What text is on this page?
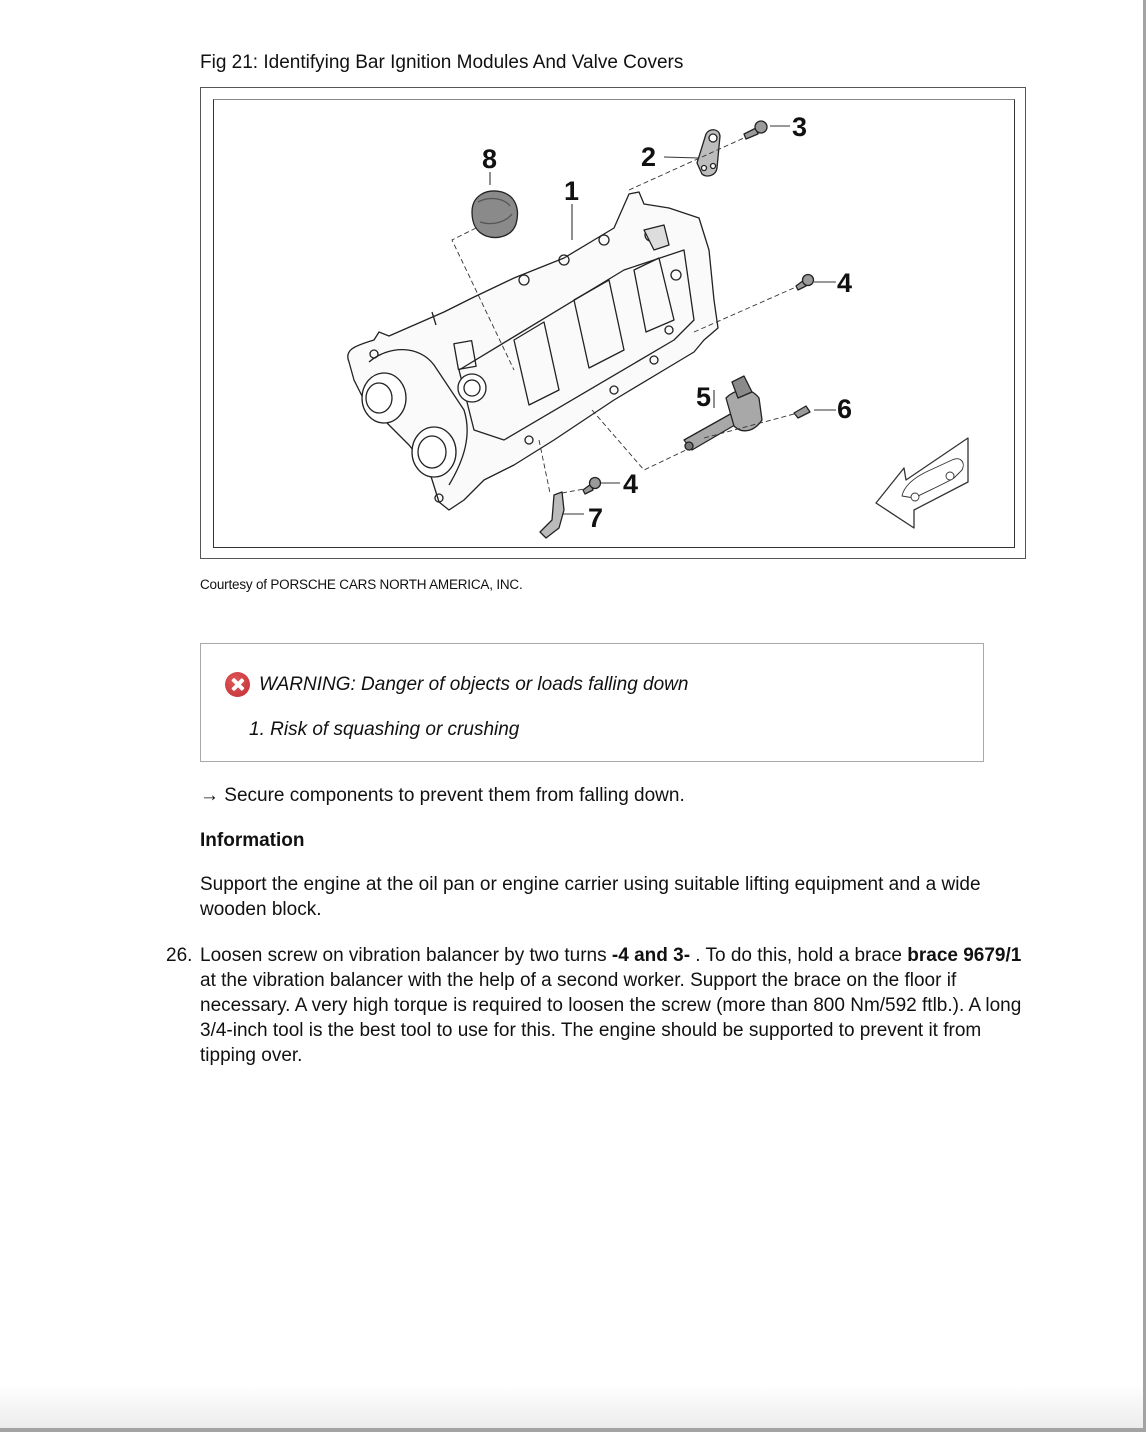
Fig 21: Identifying Bar Ignition Modules And Valve Covers
8
1
2
3
4
5	6
4
7
Courtesy of PORSCHE CARS NORTH AMERICA, INC.
WARNING: Danger of objects or loads falling down
1. Risk of squashing or crushing
→ Secure components to prevent them from falling down.
Information
Support the engine at the oil pan or engine carrier using suitable lifting equipment and a wide wooden block.
26. Loosen screw on vibration balancer by two turns -4 and 3- . To do this, hold a brace brace 9679/1 at the vibration balancer with the help of a second worker. Support the brace on the floor if necessary. A very high torque is required to loosen the screw (more than 800 Nm/592 ftlb.). A long 3/4-inch tool is the best tool to use for this. The engine should be supported to prevent it from tipping over.
